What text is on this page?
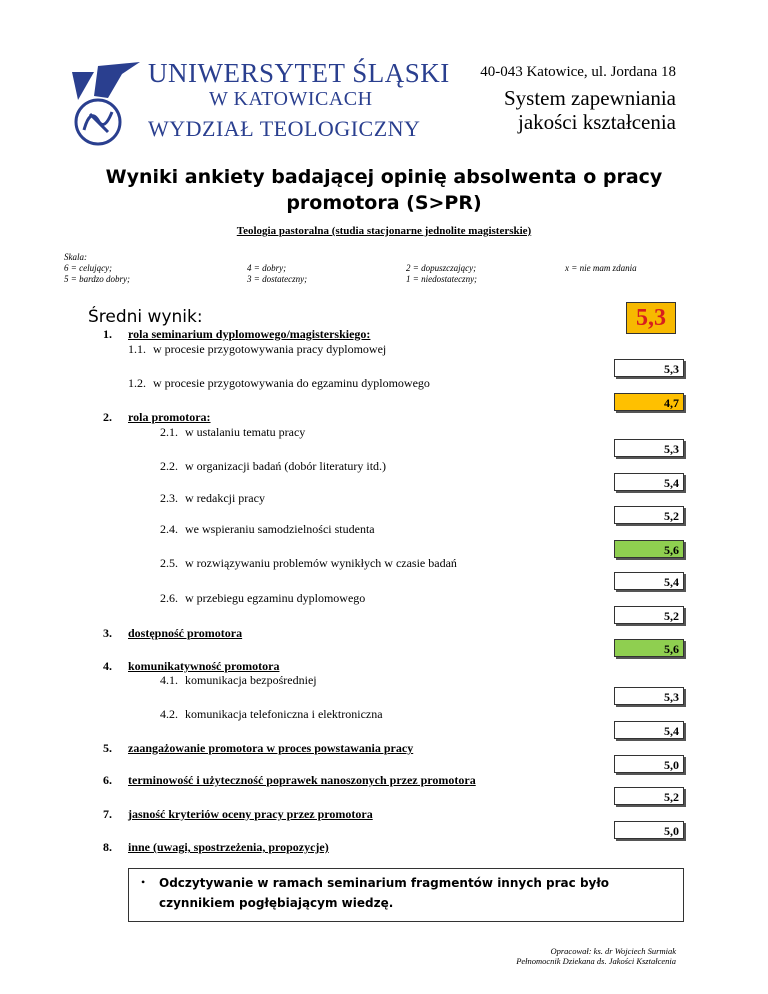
UNIWERSYTET ŚLĄSKI
W KATOWICACH
WYDZIAŁ TEOLOGICZNY
40-043 Katowice, ul. Jordana 18
System zapewniania
jakości kształcenia
Wyniki ankiety badającej opinię absolwenta o pracy
promotora (S>PR)
Teologia pastoralna (studia stacjonarne jednolite magisterskie)
Skala:
6 = celujący;
5 = bardzo dobry;
4 = dobry;
3 = dostateczny;
2 = dopuszczający;
1 = niedostateczny;
x = nie mam zdania
Średni wynik:	5,3
1. rola seminarium dyplomowego/magisterskiego:
1.1. w procesie przygotowywania pracy dyplomowej
5,3
1.2. w procesie przygotowywania do egzaminu dyplomowego
4,7
2. rola promotora:
2.1. w ustalaniu tematu pracy
5,3
2.2. w organizacji badań (dobór literatury itd.)
5,4
2.3. w redakcji pracy
5,2
2.4. we wspieraniu samodzielności studenta
5,6
2.5. w rozwiązywaniu problemów wynikłych w czasie badań
5,4
2.6. w przebiegu egzaminu dyplomowego
5,2
3. dostępność promotora
5,6
4. komunikatywność promotora
4.1. komunikacja bezpośredniej
5,3
4.2. komunikacja telefoniczna i elektroniczna
5,4
5. zaangażowanie promotora w proces powstawania pracy
5,0
6. terminowość i użyteczność poprawek nanoszonych przez promotora
5,2
7. jasność kryteriów oceny pracy przez promotora
5,0
8. inne (uwagi, spostrzeżenia, propozycje)
• Odczytywanie w ramach seminarium fragmentów innych prac było czynnikiem pogłębiającym wiedzę.
Opracował: ks. dr Wojciech Surmiak
Pełnomocnik Dziekana ds. Jakości Kształcenia
